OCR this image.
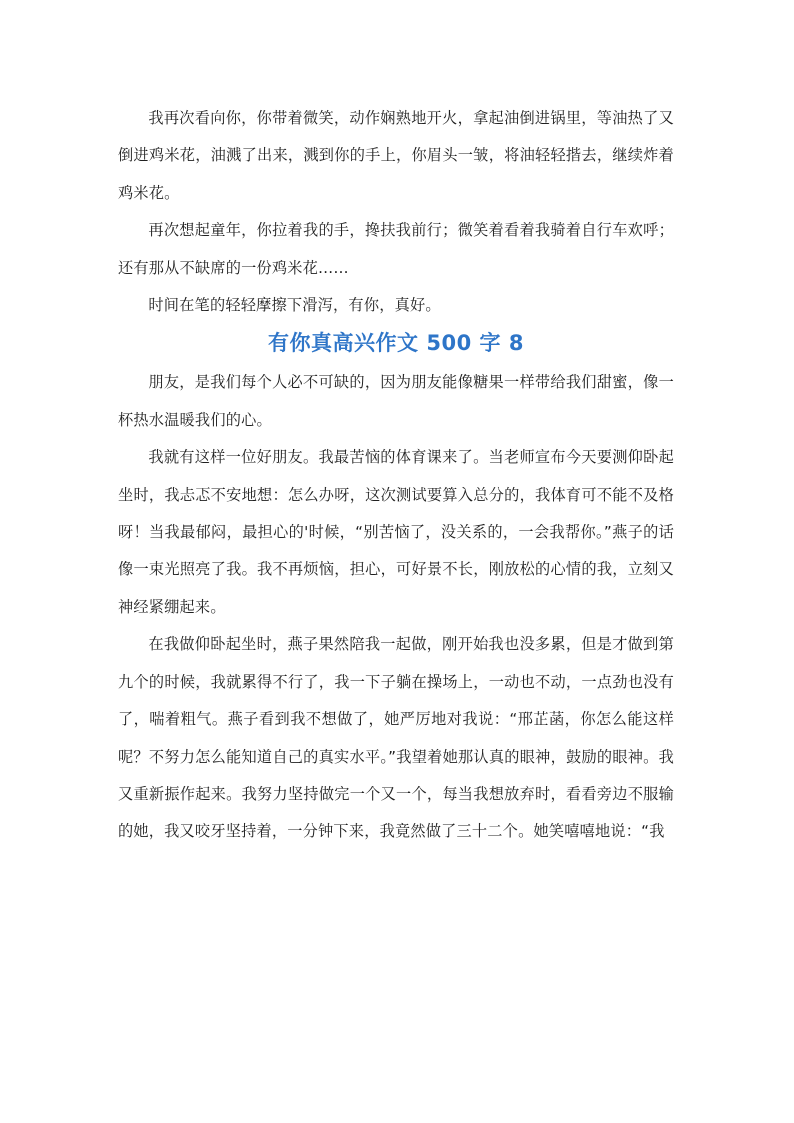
我再次看向你，你带着微笑，动作娴熟地开火，拿起油倒进锅里，等油热了又倒进鸡米花，油溅了出来，溅到你的手上，你眉头一皱，将油轻轻揩去，继续炸着鸡米花。

再次想起童年，你拉着我的手，搀扶我前行；微笑着看着我骑着自行车欢呼；还有那从不缺席的一份鸡米花……

时间在笔的轻轻摩擦下滑泻，有你，真好。

有你真高兴作文 500 字 8

朋友，是我们每个人必不可缺的，因为朋友能像糖果一样带给我们甜蜜，像一杯热水温暖我们的心。

我就有这样一位好朋友。我最苦恼的体育课来了。当老师宣布今天要测仰卧起坐时，我忐忑不安地想：怎么办呀，这次测试要算入总分的，我体育可不能不及格呀！当我最郁闷，最担心的'时候，“别苦恼了，没关系的，一会我帮你。”燕子的话像一束光照亮了我。我不再烦恼，担心，可好景不长，刚放松的心情的我，立刻又神经紧绷起来。

在我做仰卧起坐时，燕子果然陪我一起做，刚开始我也没多累，但是才做到第九个的时候，我就累得不行了，我一下子躺在操场上，一动也不动，一点劲也没有了，喘着粗气。燕子看到我不想做了，她严厉地对我说：“邢芷菡，你怎么能这样呢？不努力怎么能知道自己的真实水平。”我望着她那认真的眼神，鼓励的眼神。我又重新振作起来。我努力坚持做完一个又一个，每当我想放弃时，看看旁边不服输的她，我又咬牙坚持着，一分钟下来，我竟然做了三十二个。她笑嘻嘻地说：“我
